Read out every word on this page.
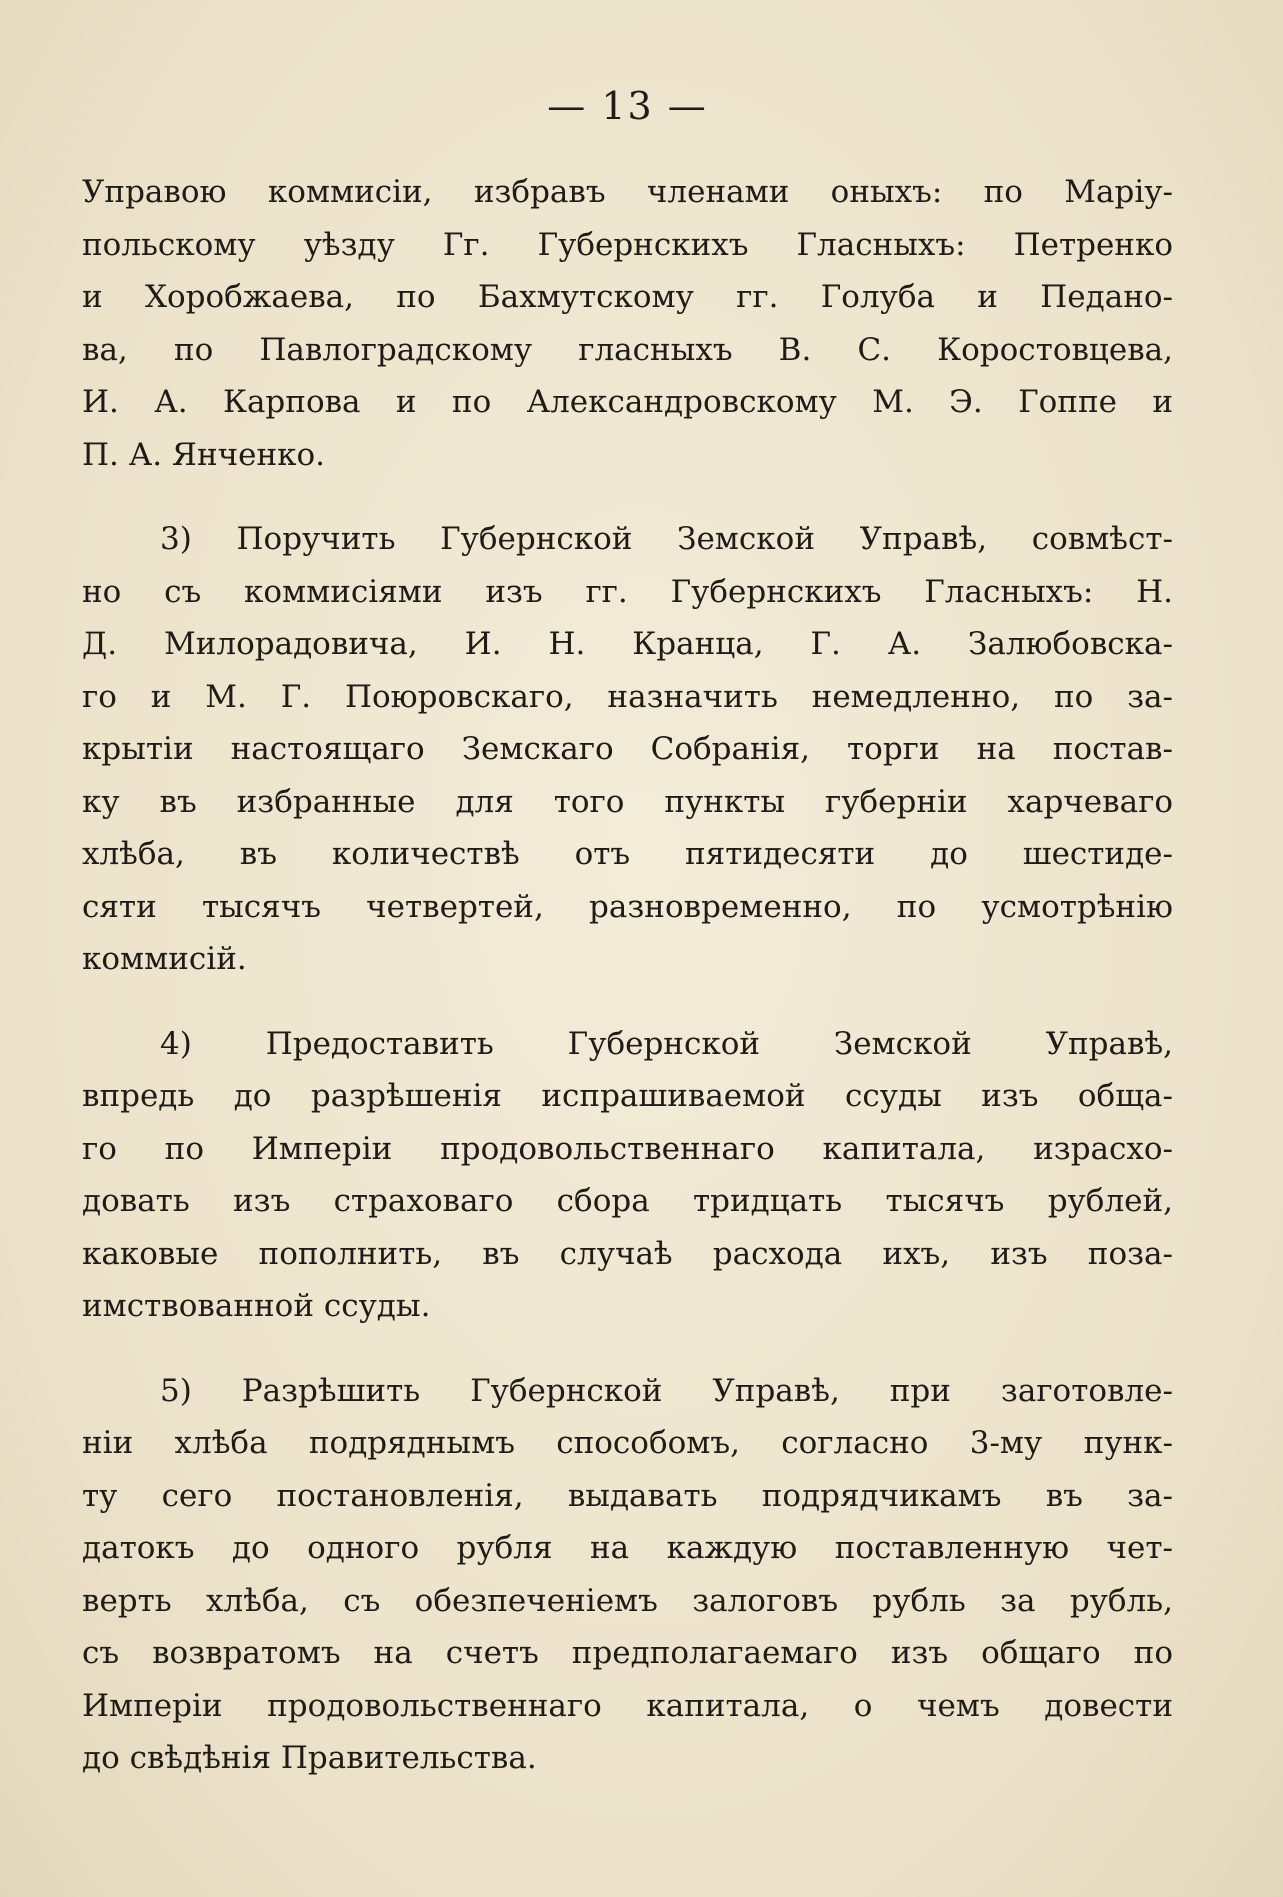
— 13 —
Управою коммисіи, избравъ членами оныхъ: по Маріу-
польскому уѣзду Гг. Губернскихъ Гласныхъ: Петренко
и Хоробжаева, по Бахмутскому гг. Голуба и Педано-
ва, по Павлоградскому гласныхъ В. С. Коростовцева,
И. А. Карпова и по Александровскому М. Э. Гоппе и
П. А. Янченко.
3) Поручить Губернской Земской Управѣ, совмѣст-
но съ коммисіями изъ гг. Губернскихъ Гласныхъ: Н.
Д. Милорадовича, И. Н. Кранца, Г. А. Залюбовска-
го и М. Г. Поюровскаго, назначить немедленно, по за-
крытіи настоящаго Земскаго Собранія, торги на постав-
ку въ избранные для того пункты губерніи харчеваго
хлѣба, въ количествѣ отъ пятидесяти до шестиде-
сяти тысячъ четвертей, разновременно, по усмотрѣнію
коммисій.
4) Предоставить Губернской Земской Управѣ,
впредь до разрѣшенія испрашиваемой ссуды изъ обща-
го по Имперіи продовольственнаго капитала, израсхо-
довать изъ страховаго сбора тридцать тысячъ рублей,
каковые пополнить, въ случаѣ расхода ихъ, изъ поза-
имствованной ссуды.
5) Разрѣшить Губернской Управѣ, при заготовле-
ніи хлѣба подряднымъ способомъ, согласно 3-му пунк-
ту сего постановленія, выдавать подрядчикамъ въ за-
датокъ до одного рубля на каждую поставленную чет-
верть хлѣба, съ обезпеченіемъ залоговъ рубль за рубль,
съ возвратомъ на счетъ предполагаемаго изъ общаго по
Имперіи продовольственнаго капитала, о чемъ довести
до свѣдѣнія Правительства.
